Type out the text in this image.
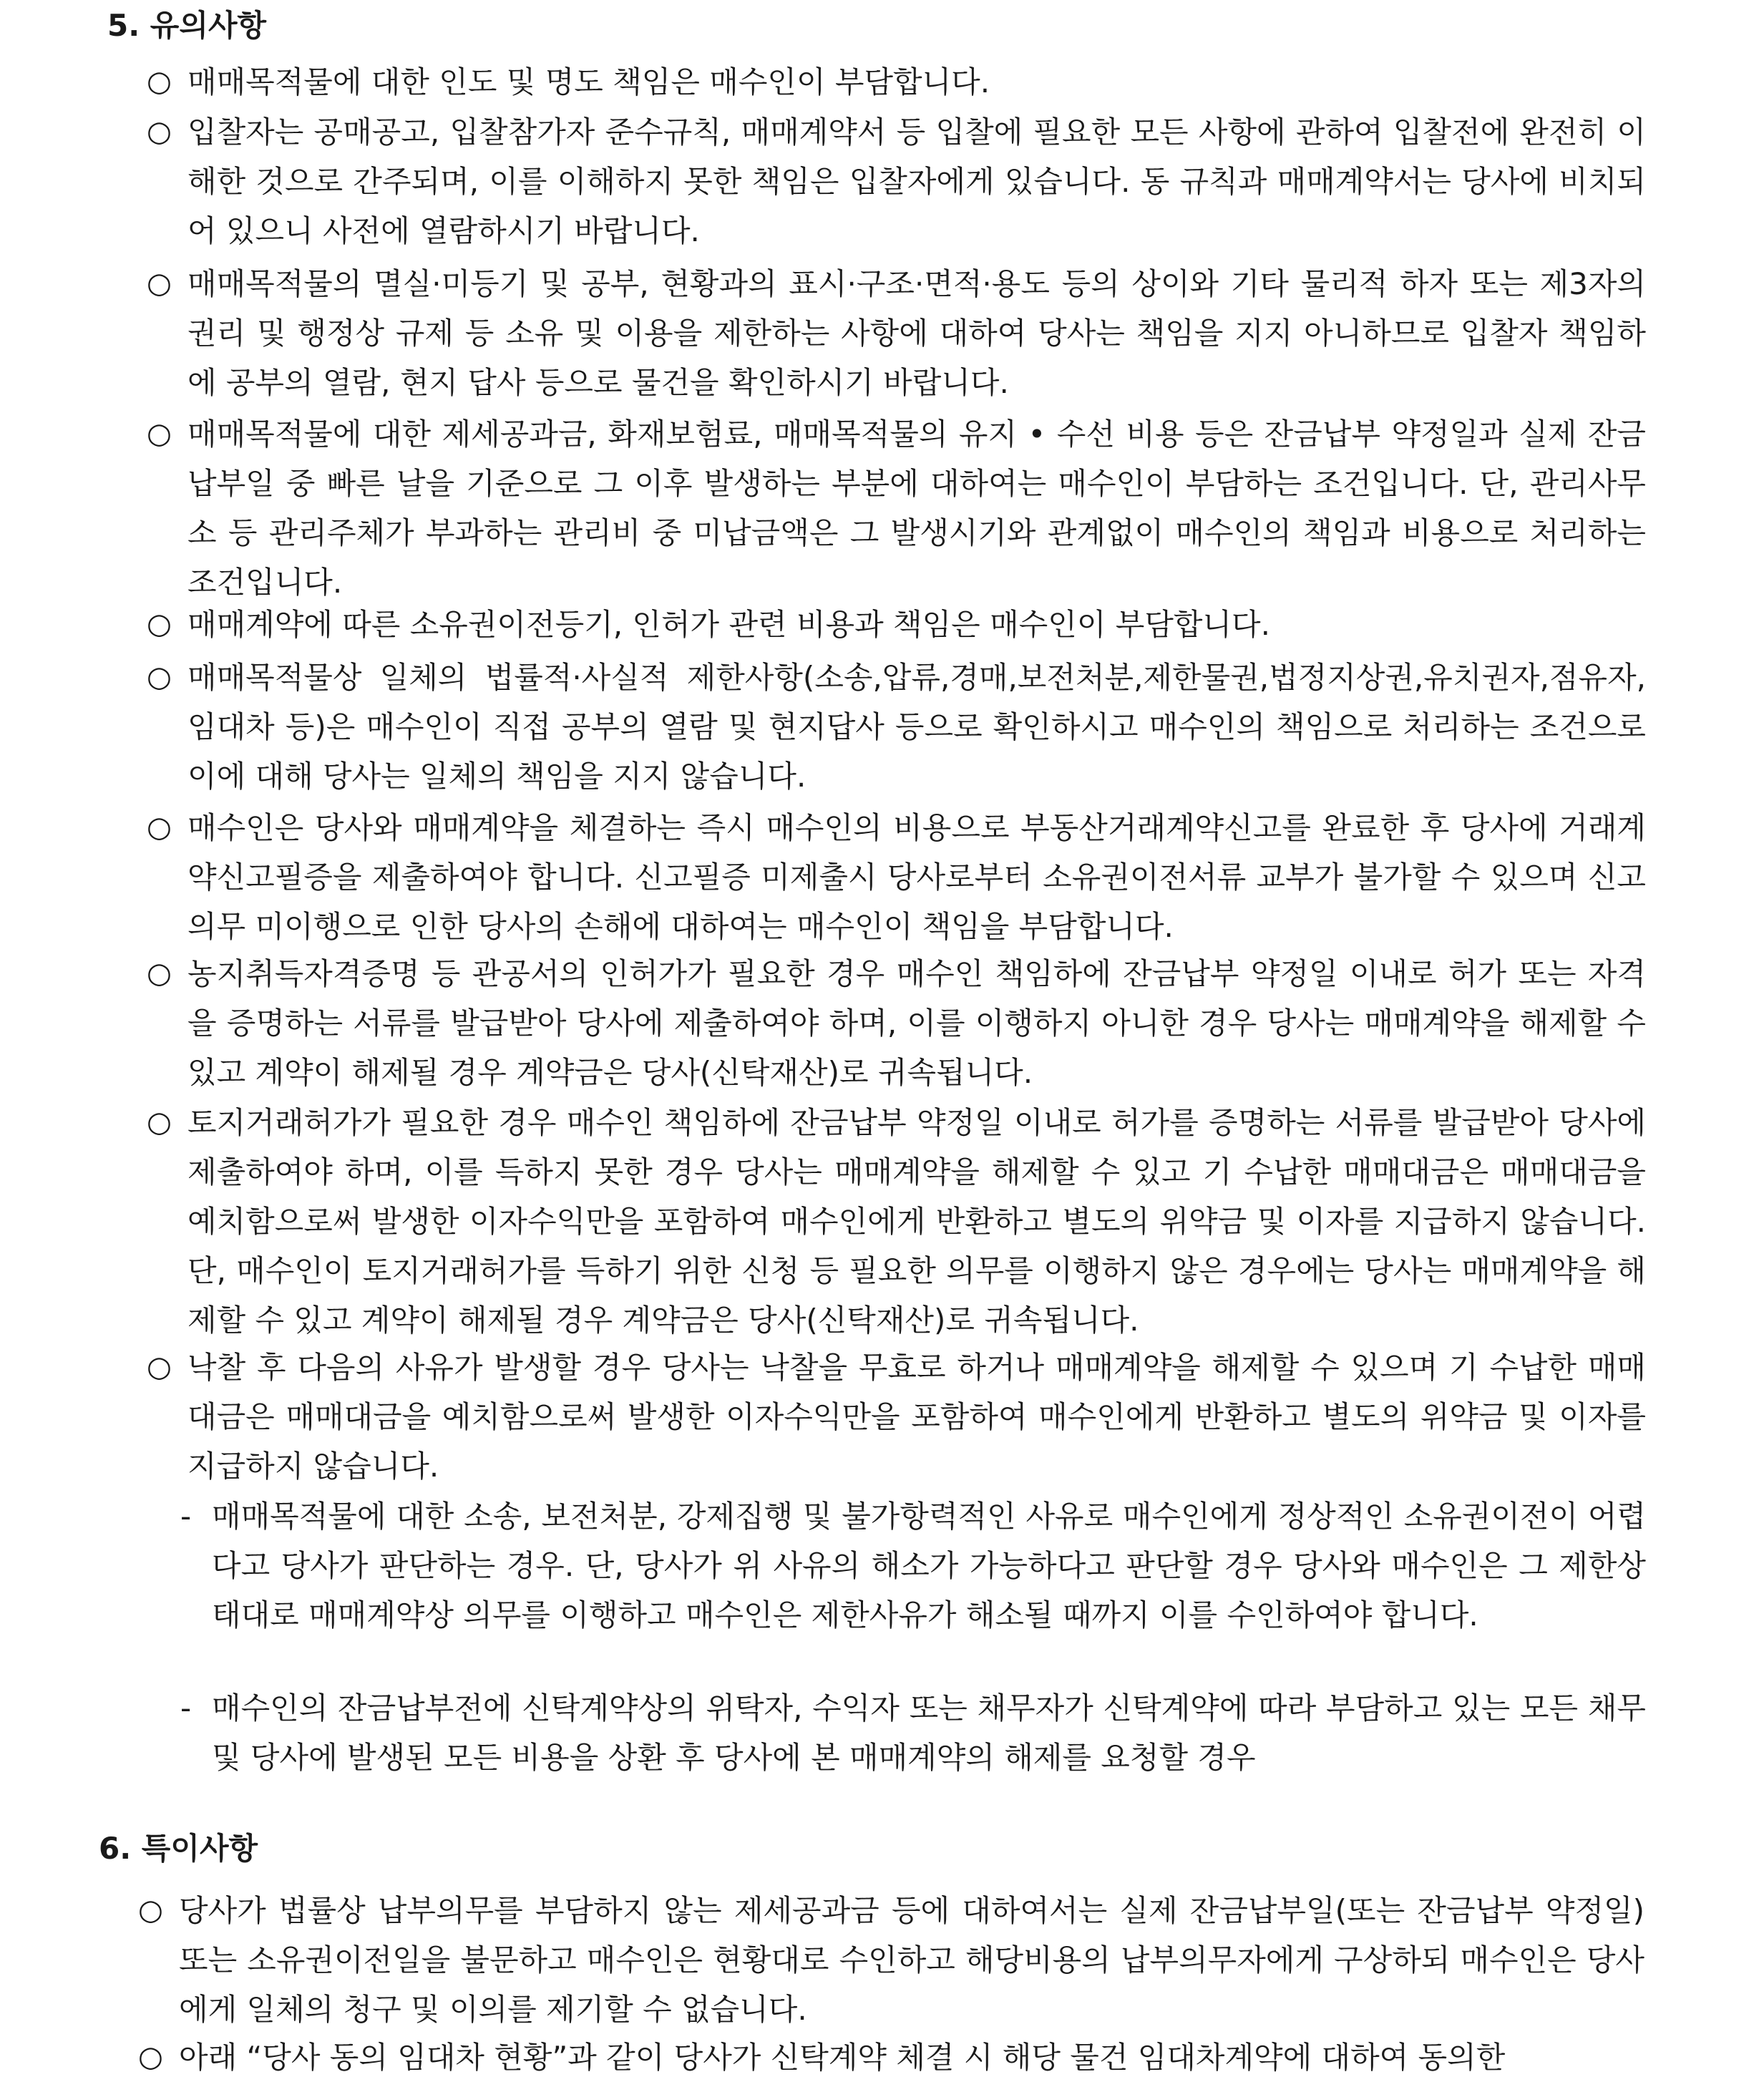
5. 유의사항
○ 매매목적물에 대한 인도 및 명도 책임은 매수인이 부담합니다.
○ 입찰자는 공매공고, 입찰참가자 준수규칙, 매매계약서 등 입찰에 필요한 모든 사항에 관하여 입찰전에 완전히 이해한 것으로 간주되며, 이를 이해하지 못한 책임은 입찰자에게 있습니다. 동 규칙과 매매계약서는 당사에 비치되어 있으니 사전에 열람하시기 바랍니다.
○ 매매목적물의 멸실·미등기 및 공부, 현황과의 표시·구조·면적·용도 등의 상이와 기타 물리적 하자 또는 제3자의 권리 및 행정상 규제 등 소유 및 이용을 제한하는 사항에 대하여 당사는 책임을 지지 아니하므로 입찰자 책임하에 공부의 열람, 현지 답사 등으로 물건을 확인하시기 바랍니다.
○ 매매목적물에 대한 제세공과금, 화재보험료, 매매목적물의 유지 • 수선 비용 등은 잔금납부 약정일과 실제 잔금납부일 중 빠른 날을 기준으로 그 이후 발생하는 부분에 대하여는 매수인이 부담하는 조건입니다. 단, 관리사무소 등 관리주체가 부과하는 관리비 중 미납금액은 그 발생시기와 관계없이 매수인의 책임과 비용으로 처리하는 조건입니다.
○ 매매계약에 따른 소유권이전등기, 인허가 관련 비용과 책임은 매수인이 부담합니다.
○ 매매목적물상 일체의 법률적·사실적 제한사항(소송,압류,경매,보전처분,제한물권,법정지상권,유치권자,점유자,임대차 등)은 매수인이 직접 공부의 열람 및 현지답사 등으로 확인하시고 매수인의 책임으로 처리하는 조건으로 이에 대해 당사는 일체의 책임을 지지 않습니다.
○ 매수인은 당사와 매매계약을 체결하는 즉시 매수인의 비용으로 부동산거래계약신고를 완료한 후 당사에 거래계약신고필증을 제출하여야 합니다. 신고필증 미제출시 당사로부터 소유권이전서류 교부가 불가할 수 있으며 신고의무 미이행으로 인한 당사의 손해에 대하여는 매수인이 책임을 부담합니다.
○ 농지취득자격증명 등 관공서의 인허가가 필요한 경우 매수인 책임하에 잔금납부 약정일 이내로 허가 또는 자격을 증명하는 서류를 발급받아 당사에 제출하여야 하며, 이를 이행하지 아니한 경우 당사는 매매계약을 해제할 수 있고 계약이 해제될 경우 계약금은 당사(신탁재산)로 귀속됩니다.
○ 토지거래허가가 필요한 경우 매수인 책임하에 잔금납부 약정일 이내로 허가를 증명하는 서류를 발급받아 당사에 제출하여야 하며, 이를 득하지 못한 경우 당사는 매매계약을 해제할 수 있고 기 수납한 매매대금은 매매대금을 예치함으로써 발생한 이자수익만을 포함하여 매수인에게 반환하고 별도의 위약금 및 이자를 지급하지 않습니다. 단, 매수인이 토지거래허가를 득하기 위한 신청 등 필요한 의무를 이행하지 않은 경우에는 당사는 매매계약을 해제할 수 있고 계약이 해제될 경우 계약금은 당사(신탁재산)로 귀속됩니다.
○ 낙찰 후 다음의 사유가 발생할 경우 당사는 낙찰을 무효로 하거나 매매계약을 해제할 수 있으며 기 수납한 매매대금은 매매대금을 예치함으로써 발생한 이자수익만을 포함하여 매수인에게 반환하고 별도의 위약금 및 이자를 지급하지 않습니다.
- 매매목적물에 대한 소송, 보전처분, 강제집행 및 불가항력적인 사유로 매수인에게 정상적인 소유권이전이 어렵다고 당사가 판단하는 경우. 단, 당사가 위 사유의 해소가 가능하다고 판단할 경우 당사와 매수인은 그 제한상태대로 매매계약상 의무를 이행하고 매수인은 제한사유가 해소될 때까지 이를 수인하여야 합니다.
- 매수인의 잔금납부전에 신탁계약상의 위탁자, 수익자 또는 채무자가 신탁계약에 따라 부담하고 있는 모든 채무 및 당사에 발생된 모든 비용을 상환 후 당사에 본 매매계약의 해제를 요청할 경우
6. 특이사항
○ 당사가 법률상 납부의무를 부담하지 않는 제세공과금 등에 대하여서는 실제 잔금납부일(또는 잔금납부 약정일) 또는 소유권이전일을 불문하고 매수인은 현황대로 수인하고 해당비용의 납부의무자에게 구상하되 매수인은 당사에게 일체의 청구 및 이의를 제기할 수 없습니다.
○ 아래 “당사 동의 임대차 현황”과 같이 당사가 신탁계약 체결 시 해당 물건 임대차계약에 대하여 동의한
